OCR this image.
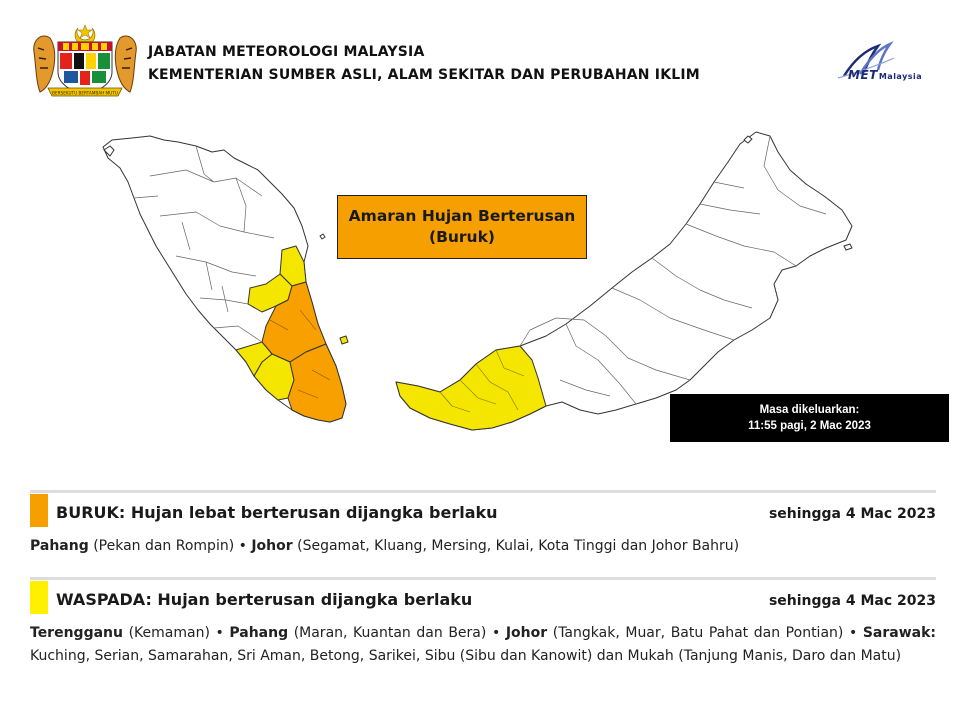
BERSEKUTU BERTAMBAH MUTU
JABATAN METEOROLOGI MALAYSIA
KEMENTERIAN SUMBER ASLI, ALAM SEKITAR DAN PERUBAHAN IKLIM	METMalaysia
Amaran Hujan Berterusan
(Buruk)
Masa dikeluarkan:
11:55 pagi, 2 Mac 2023
BURUK: Hujan lebat berterusan dijangka berlaku	sehingga 4 Mac 2023
Pahang (Pekan dan Rompin) • Johor (Segamat, Kluang, Mersing, Kulai, Kota Tinggi dan Johor Bahru)
WASPADA: Hujan berterusan dijangka berlaku	sehingga 4 Mac 2023
Terengganu (Kemaman) • Pahang (Maran, Kuantan dan Bera) • Johor (Tangkak, Muar, Batu Pahat dan Pontian) • Sarawak: Kuching, Serian, Samarahan, Sri Aman, Betong, Sarikei, Sibu (Sibu dan Kanowit) dan Mukah (Tanjung Manis, Daro dan Matu)
